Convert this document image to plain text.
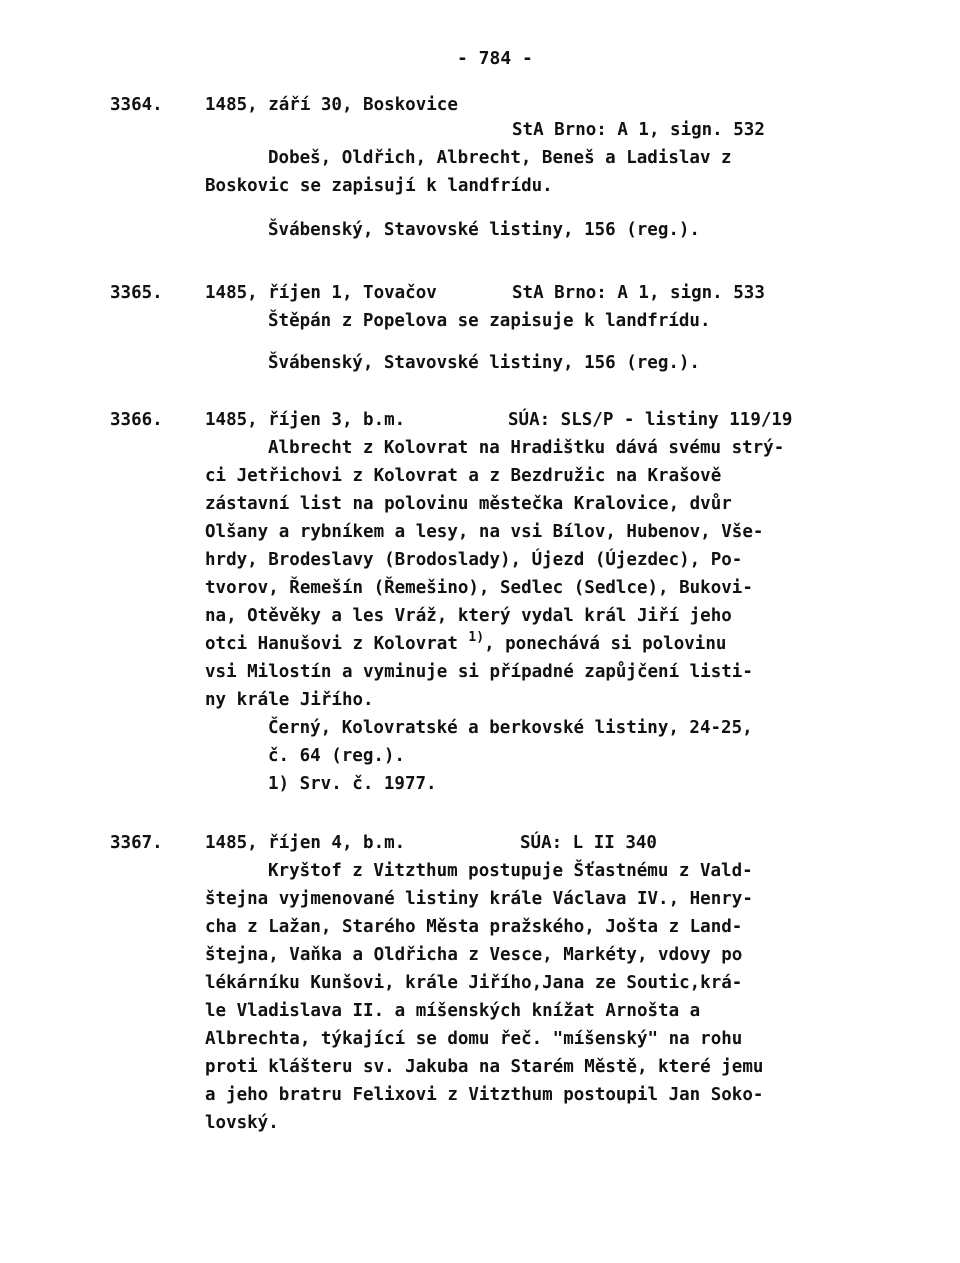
- 784 -
3364. 1485, září 30, Boskovice
StA Brno: A 1, sign. 532
Dobeš, Oldřich, Albrecht, Beneš a Ladislav z
Boskovic se zapisují k landfrídu.
Švábenský, Stavovské listiny, 156 (reg.).
3365. 1485, říjen 1, Tovačov	StA Brno: A 1, sign. 533
Štěpán z Popelova se zapisuje k landfrídu.
Švábenský, Stavovské listiny, 156 (reg.).
3366. 1485, říjen 3, b.m.	SÚA: SLS/P - listiny 119/19
Albrecht z Kolovrat na Hradištku dává svému strý-
ci Jetřichovi z Kolovrat a z Bezdružic na Krašově
zástavní list na polovinu městečka Kralovice, dvůr
Olšany a rybníkem a lesy, na vsi Bílov, Hubenov, Vše-
hrdy, Brodeslavy (Brodoslady), Újezd (Újezdec), Po-
tvorov, Řemešín (Řemešino), Sedlec (Sedlce), Bukovi-
na, Otěvěky a les Vráž, který vydal král Jiří jeho
otci Hanušovi z Kolovrat $^{1)}$, ponechává si polovinu
vsi Milostín a vyminuje si případné zapůjčení listi-
ny krále Jiřího.
Černý, Kolovratské a berkovské listiny, 24-25,
č. 64 (reg.).
1) Srv. č. 1977.
3367. 1485, říjen 4, b.m.	SÚA: L II 340
Kryštof z Vitzthum postupuje Šťastnému z Vald-
štejna vyjmenované listiny krále Václava IV., Henry-
cha z Lažan, Starého Města pražského, Jošta z Land-
štejna, Vaňka a Oldřicha z Vesce, Markéty, vdovy po
lékárníku Kunšovi, krále Jiřího,Jana ze Soutic,krá-
le Vladislava II. a míšenských knížat Arnošta a
Albrechta, týkající se domu řeč. "míšenský" na rohu
proti klášteru sv. Jakuba na Starém Městě, které jemu
a jeho bratru Felixovi z Vitzthum postoupil Jan Soko-
lovský.
